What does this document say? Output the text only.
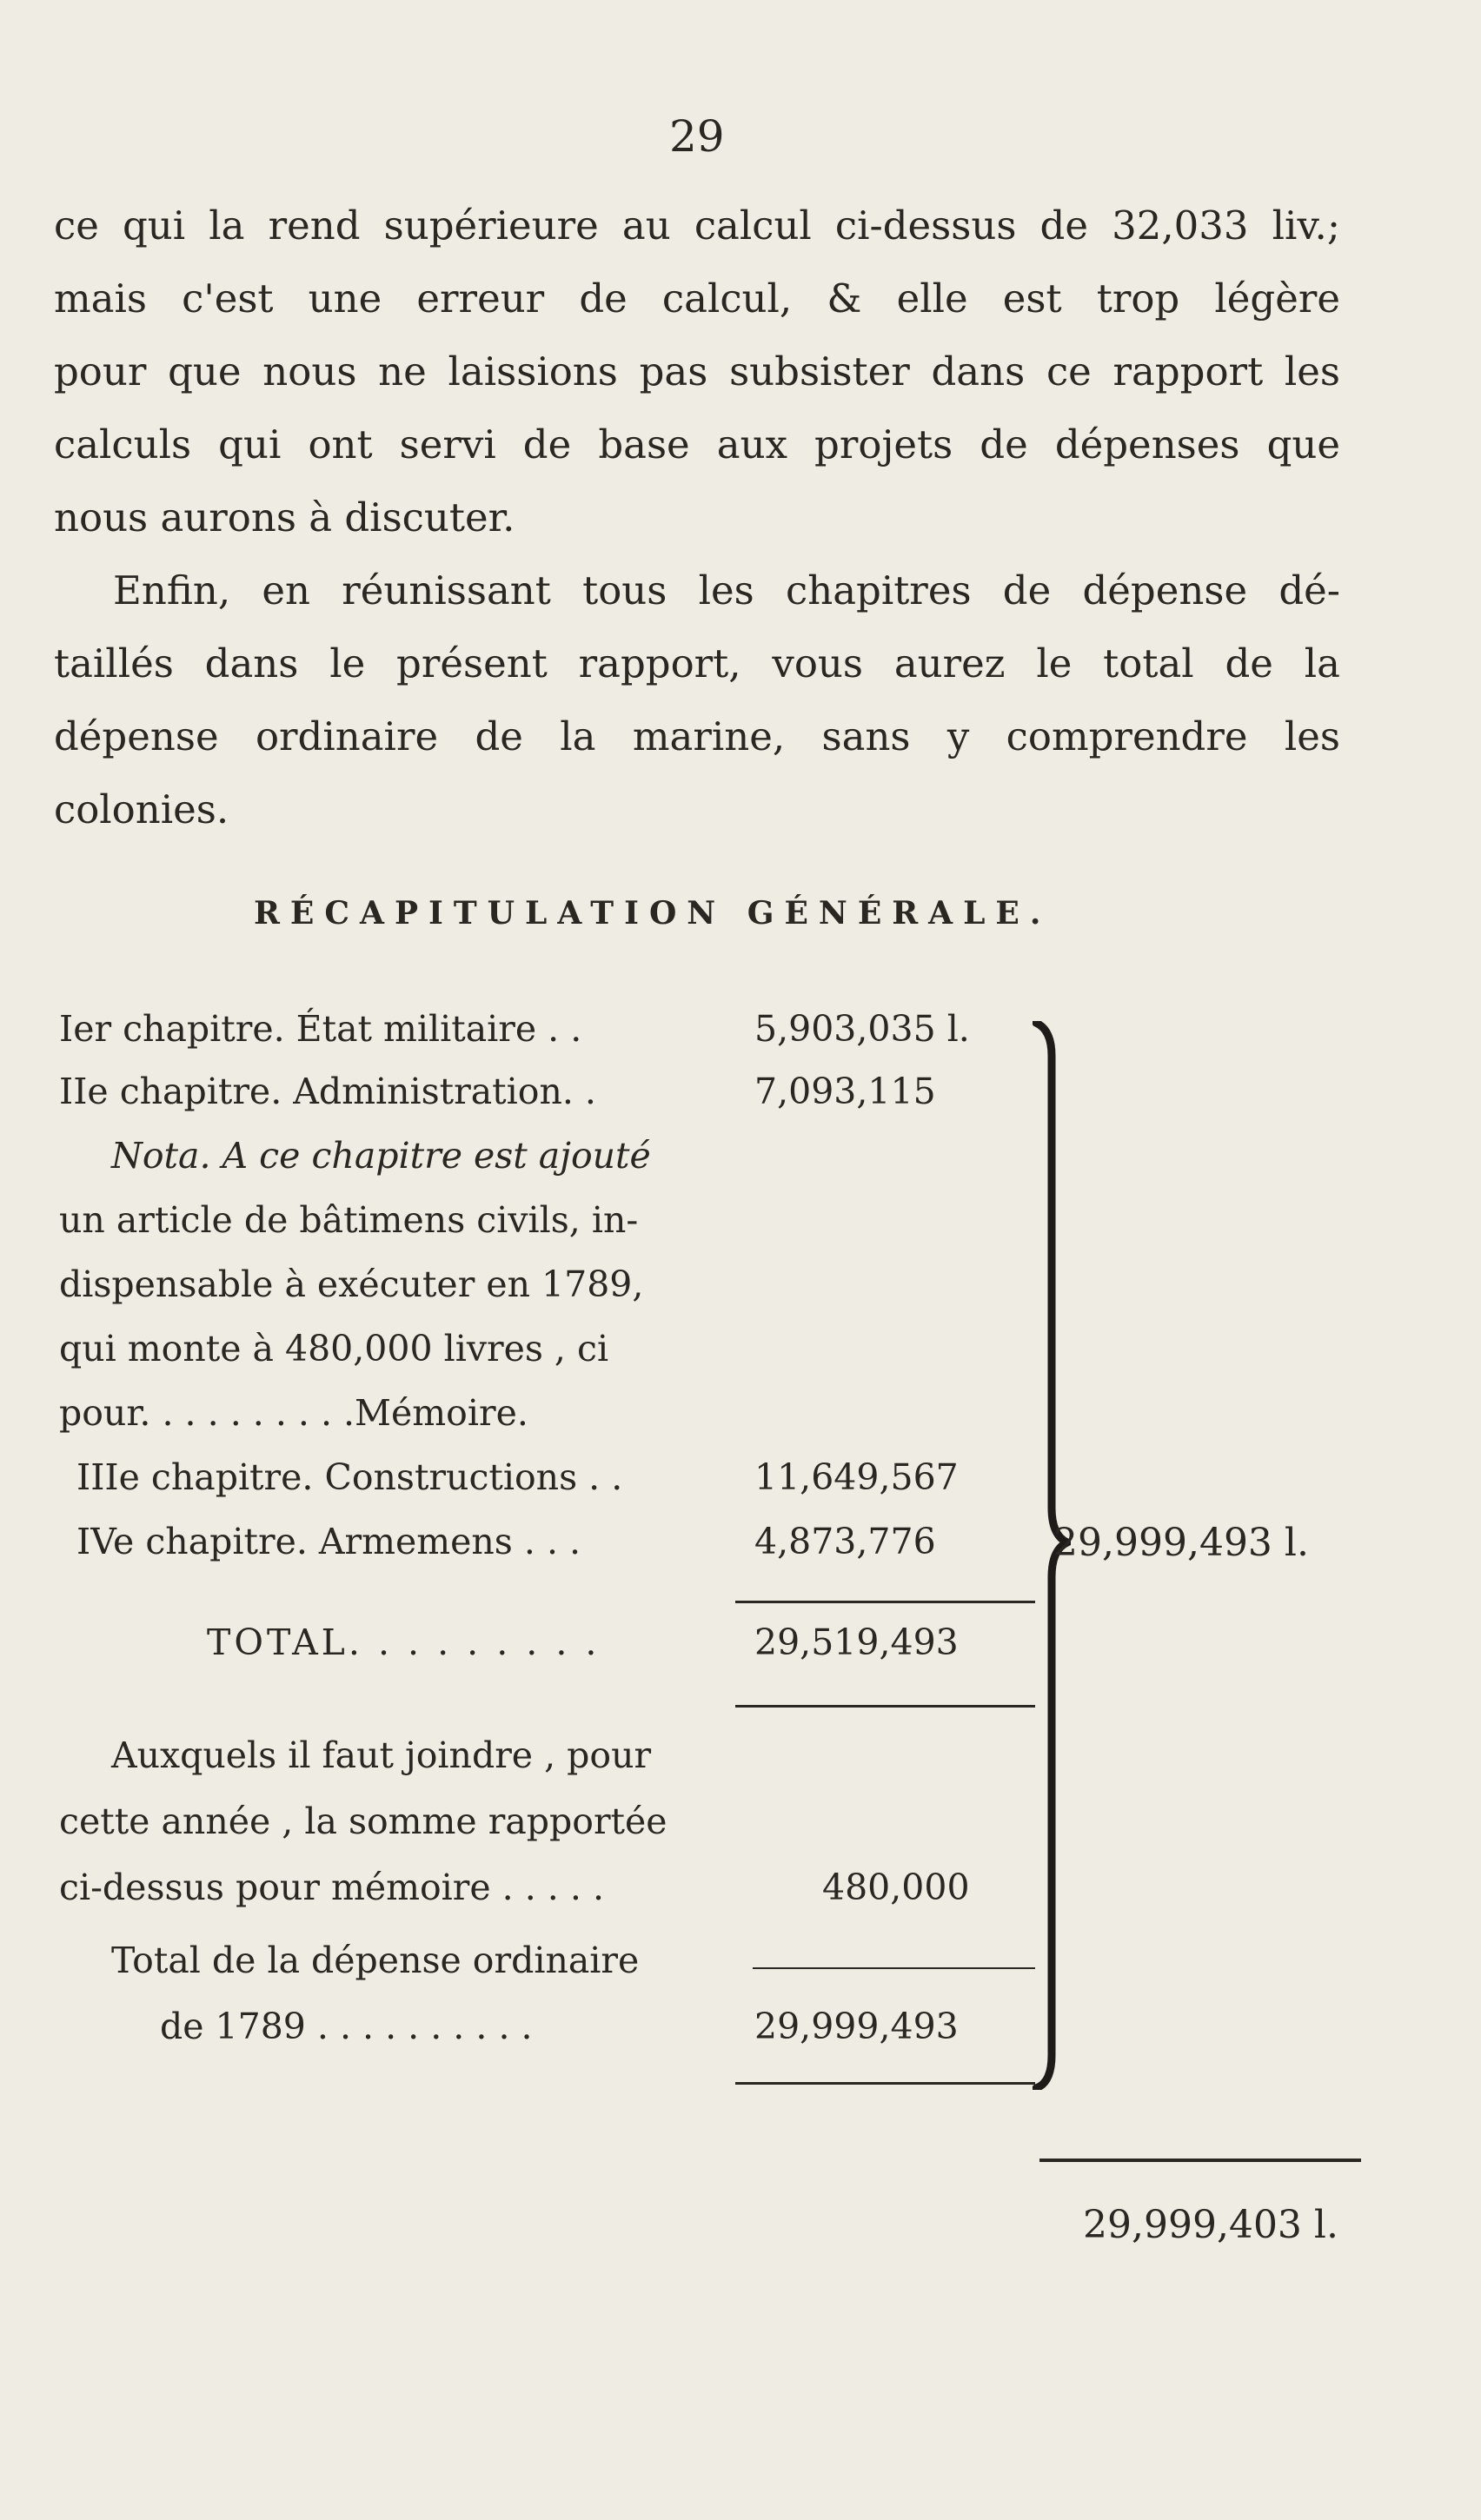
29
ce qui la rend supérieure au calcul ci-dessus de 32,033 liv.;
mais c'est une erreur de calcul, & elle est trop légère
pour que nous ne laissions pas subsister dans ce rapport les
calculs qui ont servi de base aux projets de dépenses que
nous aurons à discuter.
Enfin, en réunissant tous les chapitres de dépense dé-
taillés dans le présent rapport, vous aurez le total de la
dépense ordinaire de la marine, sans y comprendre les
colonies.
RÉCAPITULATION GÉNÉRALE.
Ier chapitre. État militaire . .	5,903,035 l.
IIe chapitre. Administration. .	7,093,115
Nota. A ce chapitre est ajouté
un article de bâtimens civils, in-
dispensable à exécuter en 1789,
qui monte à 480,000 livres , ci
pour. . . . . . . . . .Mémoire.
IIIe chapitre. Constructions . .	11,649,567
IVe chapitre. Armemens . . .	4,873,776
TOTAL. . . . . . . . .	29,519,493
Auxquels il faut joindre , pour
cette année , la somme rapportée
ci-dessus pour mémoire . . . . .	480,000
Total de la dépense ordinaire
de 1789 . . . . . . . . . .	29,999,493
29,999,493 l.
29,999,403 l.
